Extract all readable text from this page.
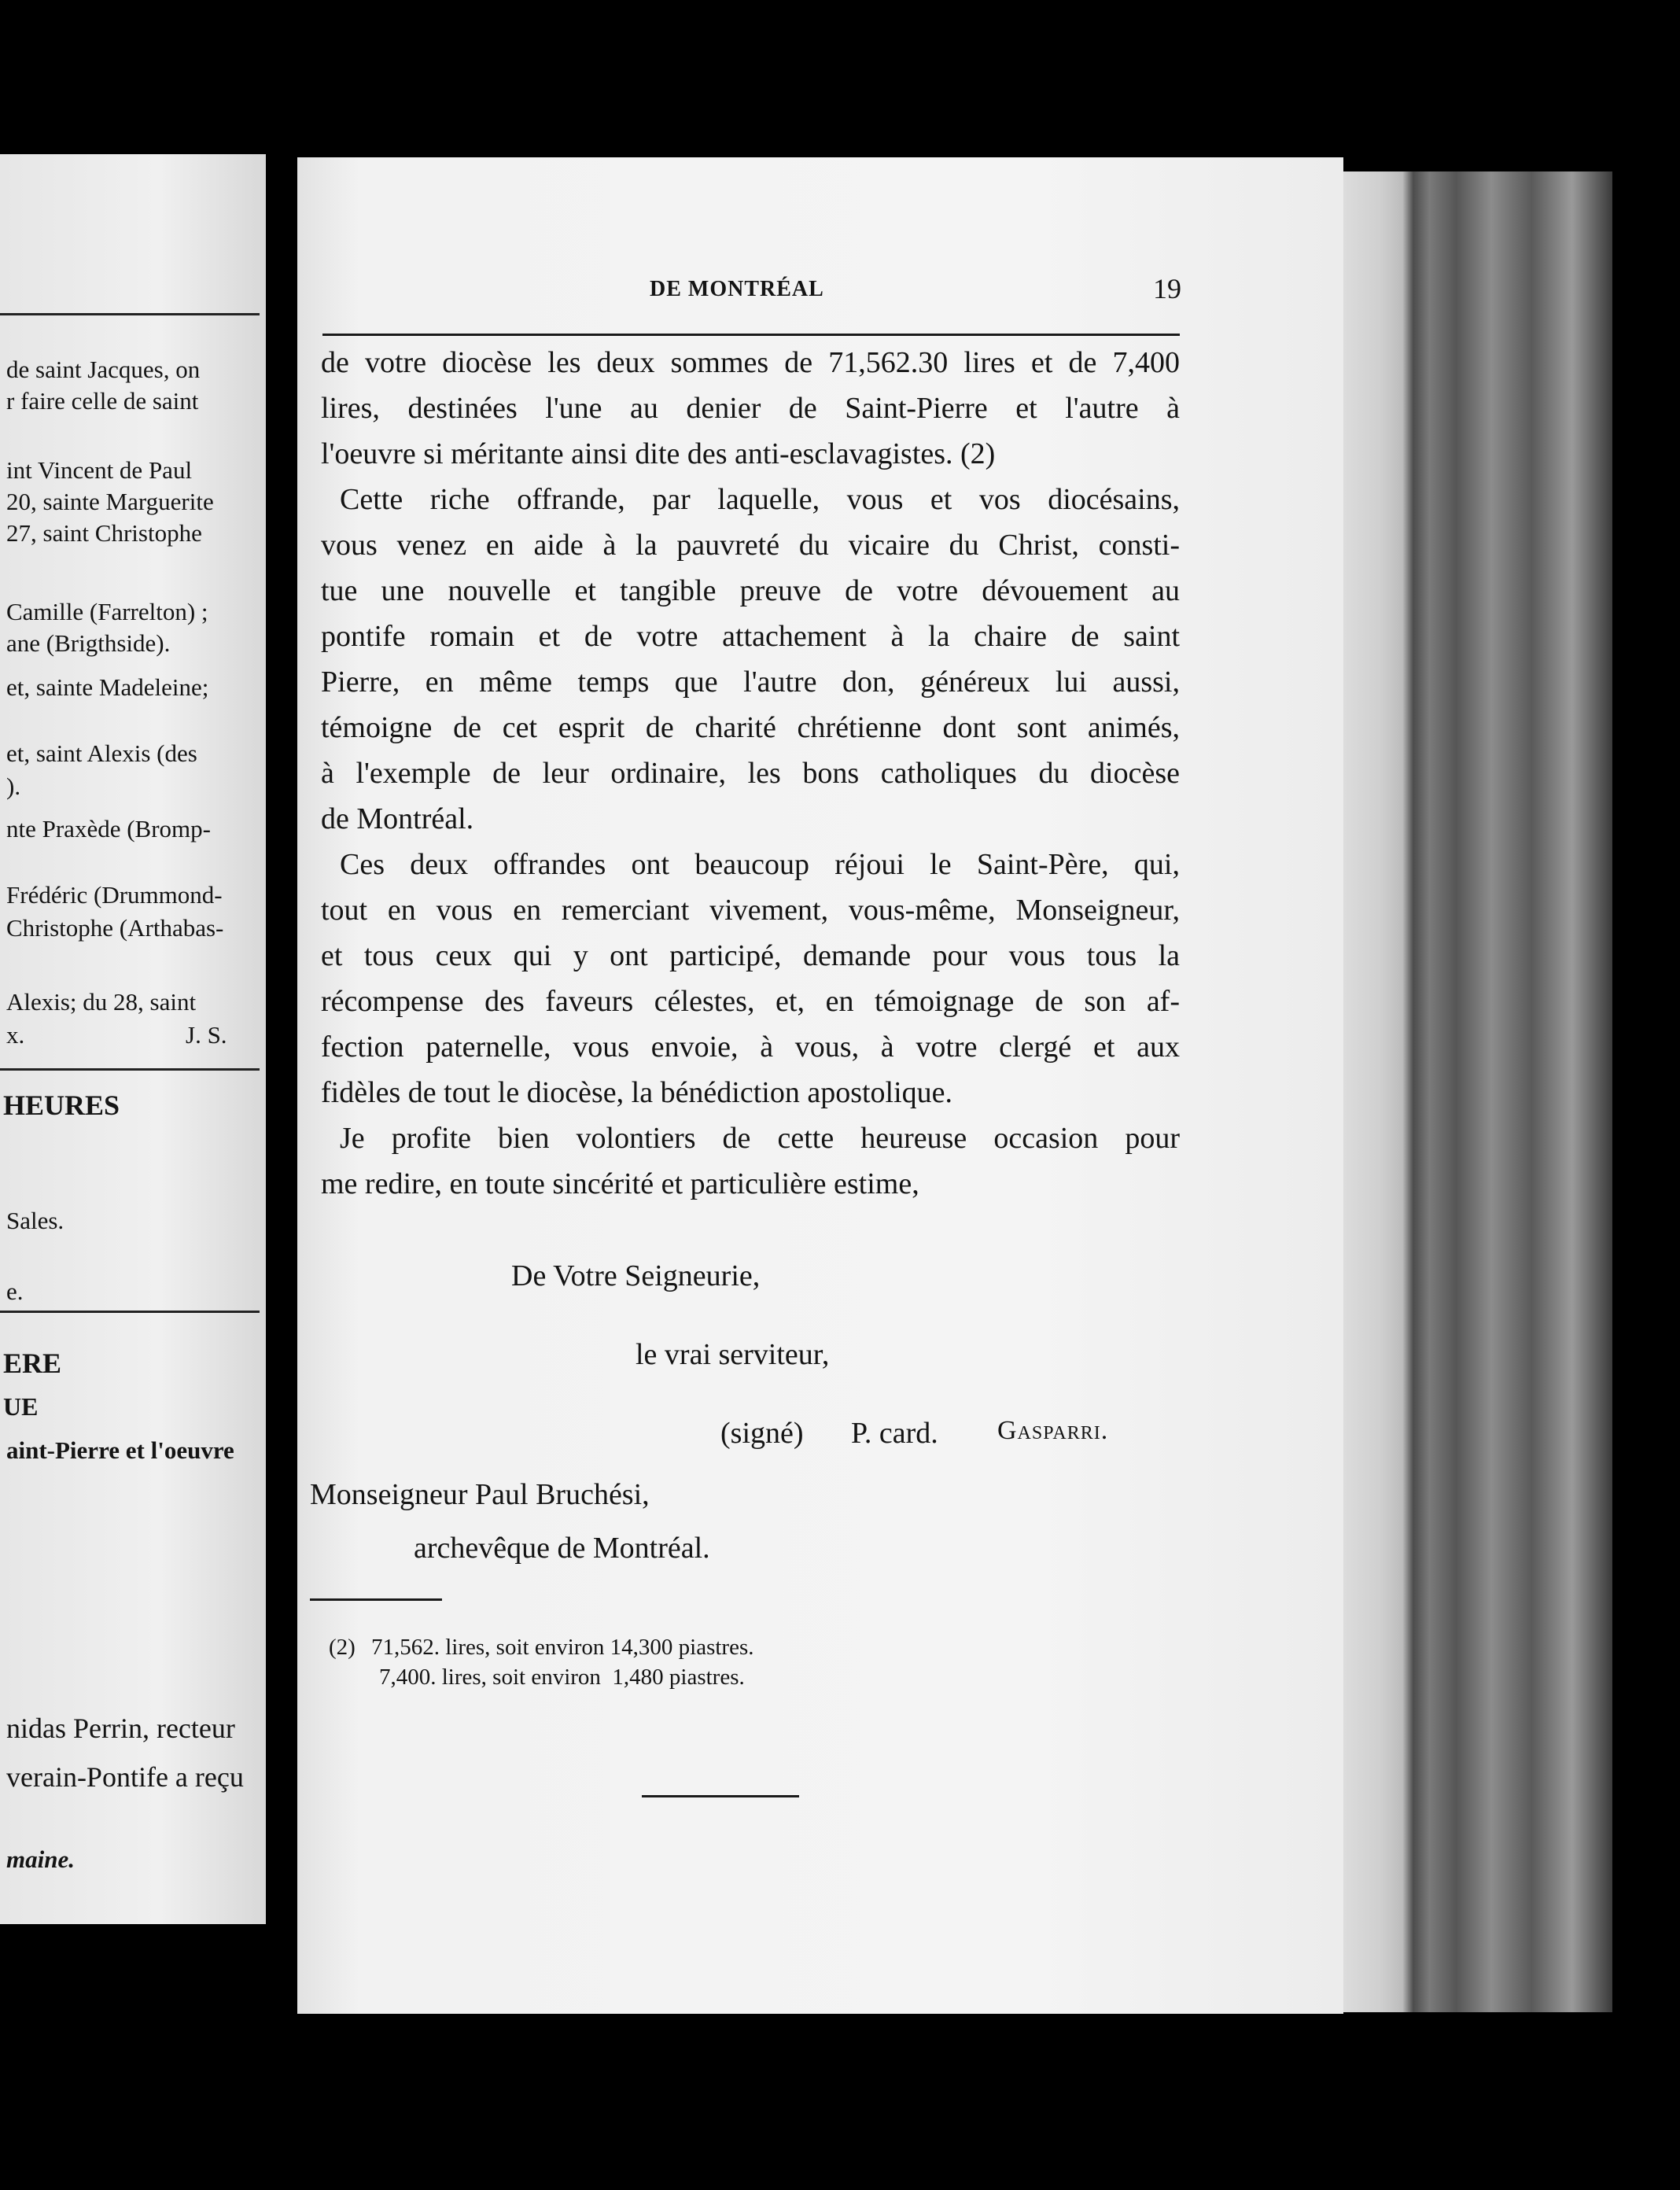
de saint Jacques, on
r faire celle de saint
int Vincent de Paul
20, sainte Marguerite
27, saint Christophe
Camille (Farrelton) ;
ane (Brigthside).
et, sainte Madeleine;
et, saint Alexis (des
).
nte Praxède (Bromp-
Frédéric (Drummond-
Christophe (Arthabas-
Alexis; du 28, saint
x.	J. S.
HEURES
Sales.
e.
ERE
UE
aint-Pierre et l'oeuvre
nidas Perrin, recteur
verain-Pontife a reçu
maine.
DE MONTRÉAL	19
de votre diocèse les deux sommes de 71,562.30 lires et de 7,400
lires, destinées l'une au denier de Saint-Pierre et l'autre à
l'oeuvre si méritante ainsi dite des anti-esclavagistes. (2)
Cette riche offrande, par laquelle, vous et vos diocésains,
vous venez en aide à la pauvreté du vicaire du Christ, consti-
tue une nouvelle et tangible preuve de votre dévouement au
pontife romain et de votre attachement à la chaire de saint
Pierre, en même temps que l'autre don, généreux lui aussi,
témoigne de cet esprit de charité chrétienne dont sont animés,
à l'exemple de leur ordinaire, les bons catholiques du diocèse
de Montréal.
Ces deux offrandes ont beaucoup réjoui le Saint-Père, qui,
tout en vous en remerciant vivement, vous-même, Monseigneur,
et tous ceux qui y ont participé, demande pour vous tous la
récompense des faveurs célestes, et, en témoignage de son af-
fection paternelle, vous envoie, à vous, à votre clergé et aux
fidèles de tout le diocèse, la bénédiction apostolique.
Je profite bien volontiers de cette heureuse occasion pour
me redire, en toute sincérité et particulière estime,
De Votre Seigneurie,
le vrai serviteur,
(signé) P. card. Gasparri.
Monseigneur Paul Bruchési,
archevêque de Montréal.
(2) 71,562. lires, soit environ 14,300 piastres.
7,400. lires, soit environ  1,480 piastres.
